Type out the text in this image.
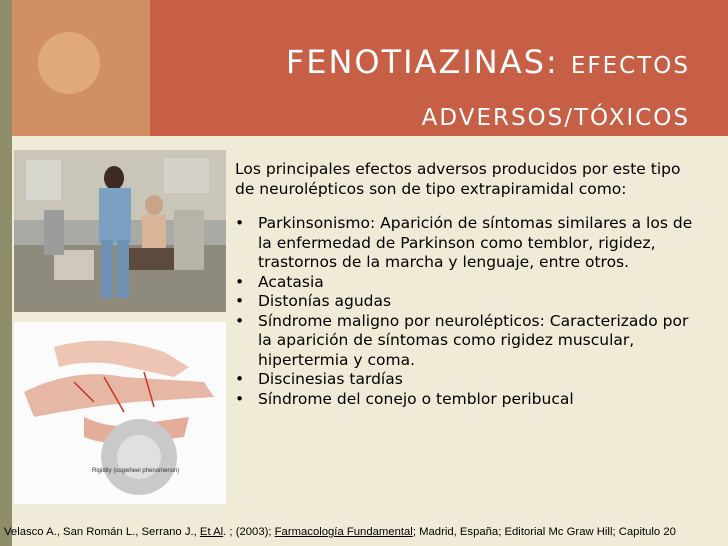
FENOTIAZINAS: EFECTOS
ADVERSOS/TÓXICOS
Rigidity (cogwheel phenomenon)

Los principales efectos adversos producidos por este tipo de neurolépticos son de tipo extrapiramidal como:

• Parkinsonismo: Aparición de síntomas similares a los de la enfermedad de Parkinson como temblor, rigidez, trastornos de la marcha y lenguaje, entre otros.
• Acatasia
• Distonías agudas
• Síndrome maligno por neurolépticos: Caracterizado por la aparición de síntomas como rigidez muscular, hipertermia y coma.
• Discinesias tardías
• Síndrome del conejo o temblor peribucal
Velasco A., San Román L., Serrano J., Et Al. ; (2003); Farmacología Fundamental; Madrid, España; Editorial Mc Graw Hill; Capitulo 20
